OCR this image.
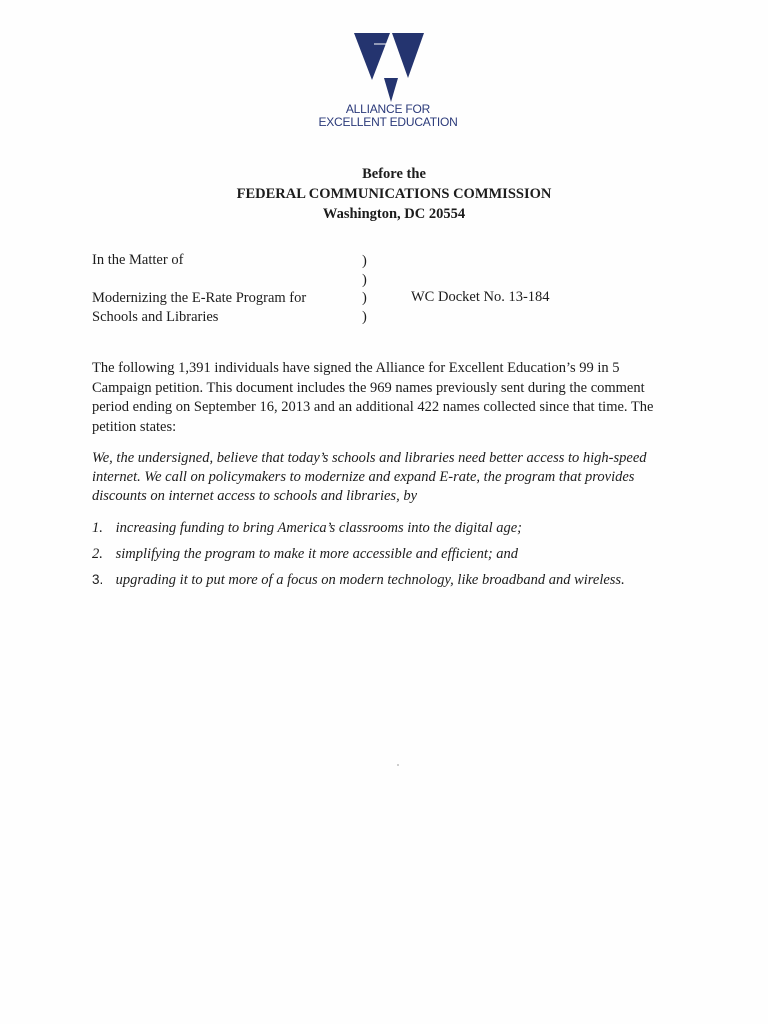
ALLIANCE FOR
EXCELLENT EDUCATION
Before the
FEDERAL COMMUNICATIONS COMMISSION
Washington, DC 20554
In the Matter of
Modernizing the E-Rate Program for
Schools and Libraries
)
)
)
)
WC Docket No. 13-184
The following 1,391 individuals have signed the Alliance for Excellent Education’s 99 in 5
Campaign petition. This document includes the 969 names previously sent during the comment
period ending on September 16, 2013 and an additional 422 names collected since that time. The
petition states:
We, the undersigned, believe that today’s schools and libraries need better access to high-speed
internet. We call on policymakers to modernize and expand E-rate, the program that provides
discounts on internet access to schools and libraries, by
1. increasing funding to bring America’s classrooms into the digital age;
2. simplifying the program to make it more accessible and efficient; and
3. upgrading it to put more of a focus on modern technology, like broadband and wireless.
